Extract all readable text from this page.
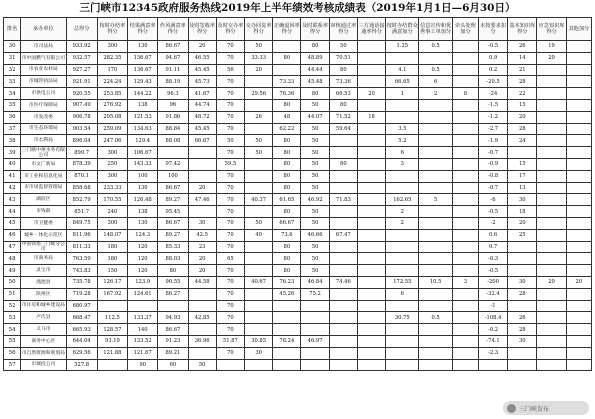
三门峡市12345政府服务热线2019年上半年绩效考核成绩表（2019年1月1日—6月30日）
排名	承办单位	总得分	按时办结率得分	结果满意率得分	作风满意率得分	及时签收率得分	及时交办率得分	交办回复率得分	正确退回率得分	及时联系率得分	审核通过率得分	三方通话接通率得分	按时办结群众满意加分	信息宣传和优秀事工单加分	牵头处理加分	未按要求扣分	基本知识库得分	应急知识库得分	其他加分
30	市司法局	933.92	300	130	86.67	20	70	50		80	50		1.25	0.5		-0.5	26	19	
31	市中国燃气有限公司	932.57	282.35	136.67	94.67	46.55	70	33.33	80	48.89	70.51					0.9	14	20	
32	市农业农村局	927.27	170	136.67	91.11	45.45	56	20		44.44	80		4.1	0.5		0.2	21		
33	市城管执法局	921.91	224.24	129.43	88.19	45.73	70		73.33	45.48	73.36		66.65	6		-20.5	28		
34	市供电公司	920.55	253.85	144.22	96.3	41.67	70	29.56	76.36	80	66.53	20	1	2	8	-24	22		
35	市医疗保障局	907.49	276.92	138	96	44.74	70		80	50	80					-1.5	15		
36	市发改委	906.78	295.08	121.53	91.86	48.72	70	26	48	44.07	71.52	18				-1.2	20		
37	市生态环境局	903.54	259.09	134.63	88.84	45.45	70		62.22	50	59.64		3.5			-2.7	28		
38	市水利局	896.04	247.06	129.4	88.08	66.67	50	50	80	50			5.2			-1.9	24		
39	三门峡中州水务有限公司	890.7	300	106.67			70	50	80	50			6			-0.7			
40	市文广新局	878.39	250	143.33	97.42		59.5		80	50	80		3			-0.9	15		
41	市工业和信息化局	870.1	300	100	100		70		80	50						-0.8	17		
42	市市场监督管理局	858.68	233.33	130	86.67	20	70		80	50						-0.7	13		
43	湖滨区	852.79	170.55	126.48	89.27	47.46	70	40.37	61.65	46.92	71.83		162.65	5		-6	30		
44	市残联	851.7	240	138	95.45		70		80	50			2			-0.5	18		
45	市卫健委	849.75	300	130	86.67	30	70	50	66.67	50			2			-2	20		
46	城乡一体化示范区	811.96	148.07	124.3	89.27	42.5	70	40	73.6	46.66	67.47					0.6	25		
47	中国铁塔三门峡分公司	811.33	180	120	85.33	23	70		80	50						0.7			
48	市商务局	763.59	180	120	88.03	20	65		80	50						-0.3			
49	灵宝市	743.83	150	120	80	20	70		80	50						-0.5			
50	渑池县	735.78	126.17	123.9	90.55	44.58	70	40.67	76.23	46.84	74.46		172.55	10.5	3	-200	30	20	20
51	陕州区	719.28	167.92	124.61	86.27		70		45.26	75.2			6			-32.4	28		
52	市住房和城乡建设局	680.97					70									-1			
53	卢氏县	668.47	112.5	133.37	94.93	42.85	70						30.75	0.5		-108.4	26		
54	义马市	665.93	128.57	140	86.67		70									-0.2	28		
55	商务中心区	644.04	93.19	133.52	91.23	36.96	51.87	30.85	78.24	46.97						-74.1	30		
56	市自然资源和规划局	629.56	121.88	121.67	89.21		70	30								-2.3			
57	市城投公司	527.8		90	60	50													
三门峡发布
